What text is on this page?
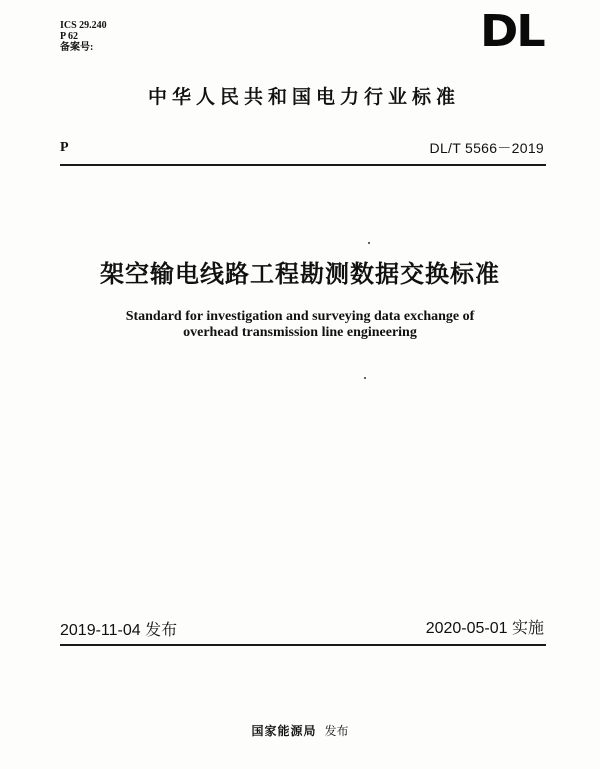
ICS 29.240
P 62
备案号:	DL
中华人民共和国电力行业标准
P	DL/T 5566－2019
架空输电线路工程勘测数据交换标准
Standard for investigation and surveying data exchange of
overhead transmission line engineering
2019-11-04 发布	2020-05-01 实施
国家能源局 发布
